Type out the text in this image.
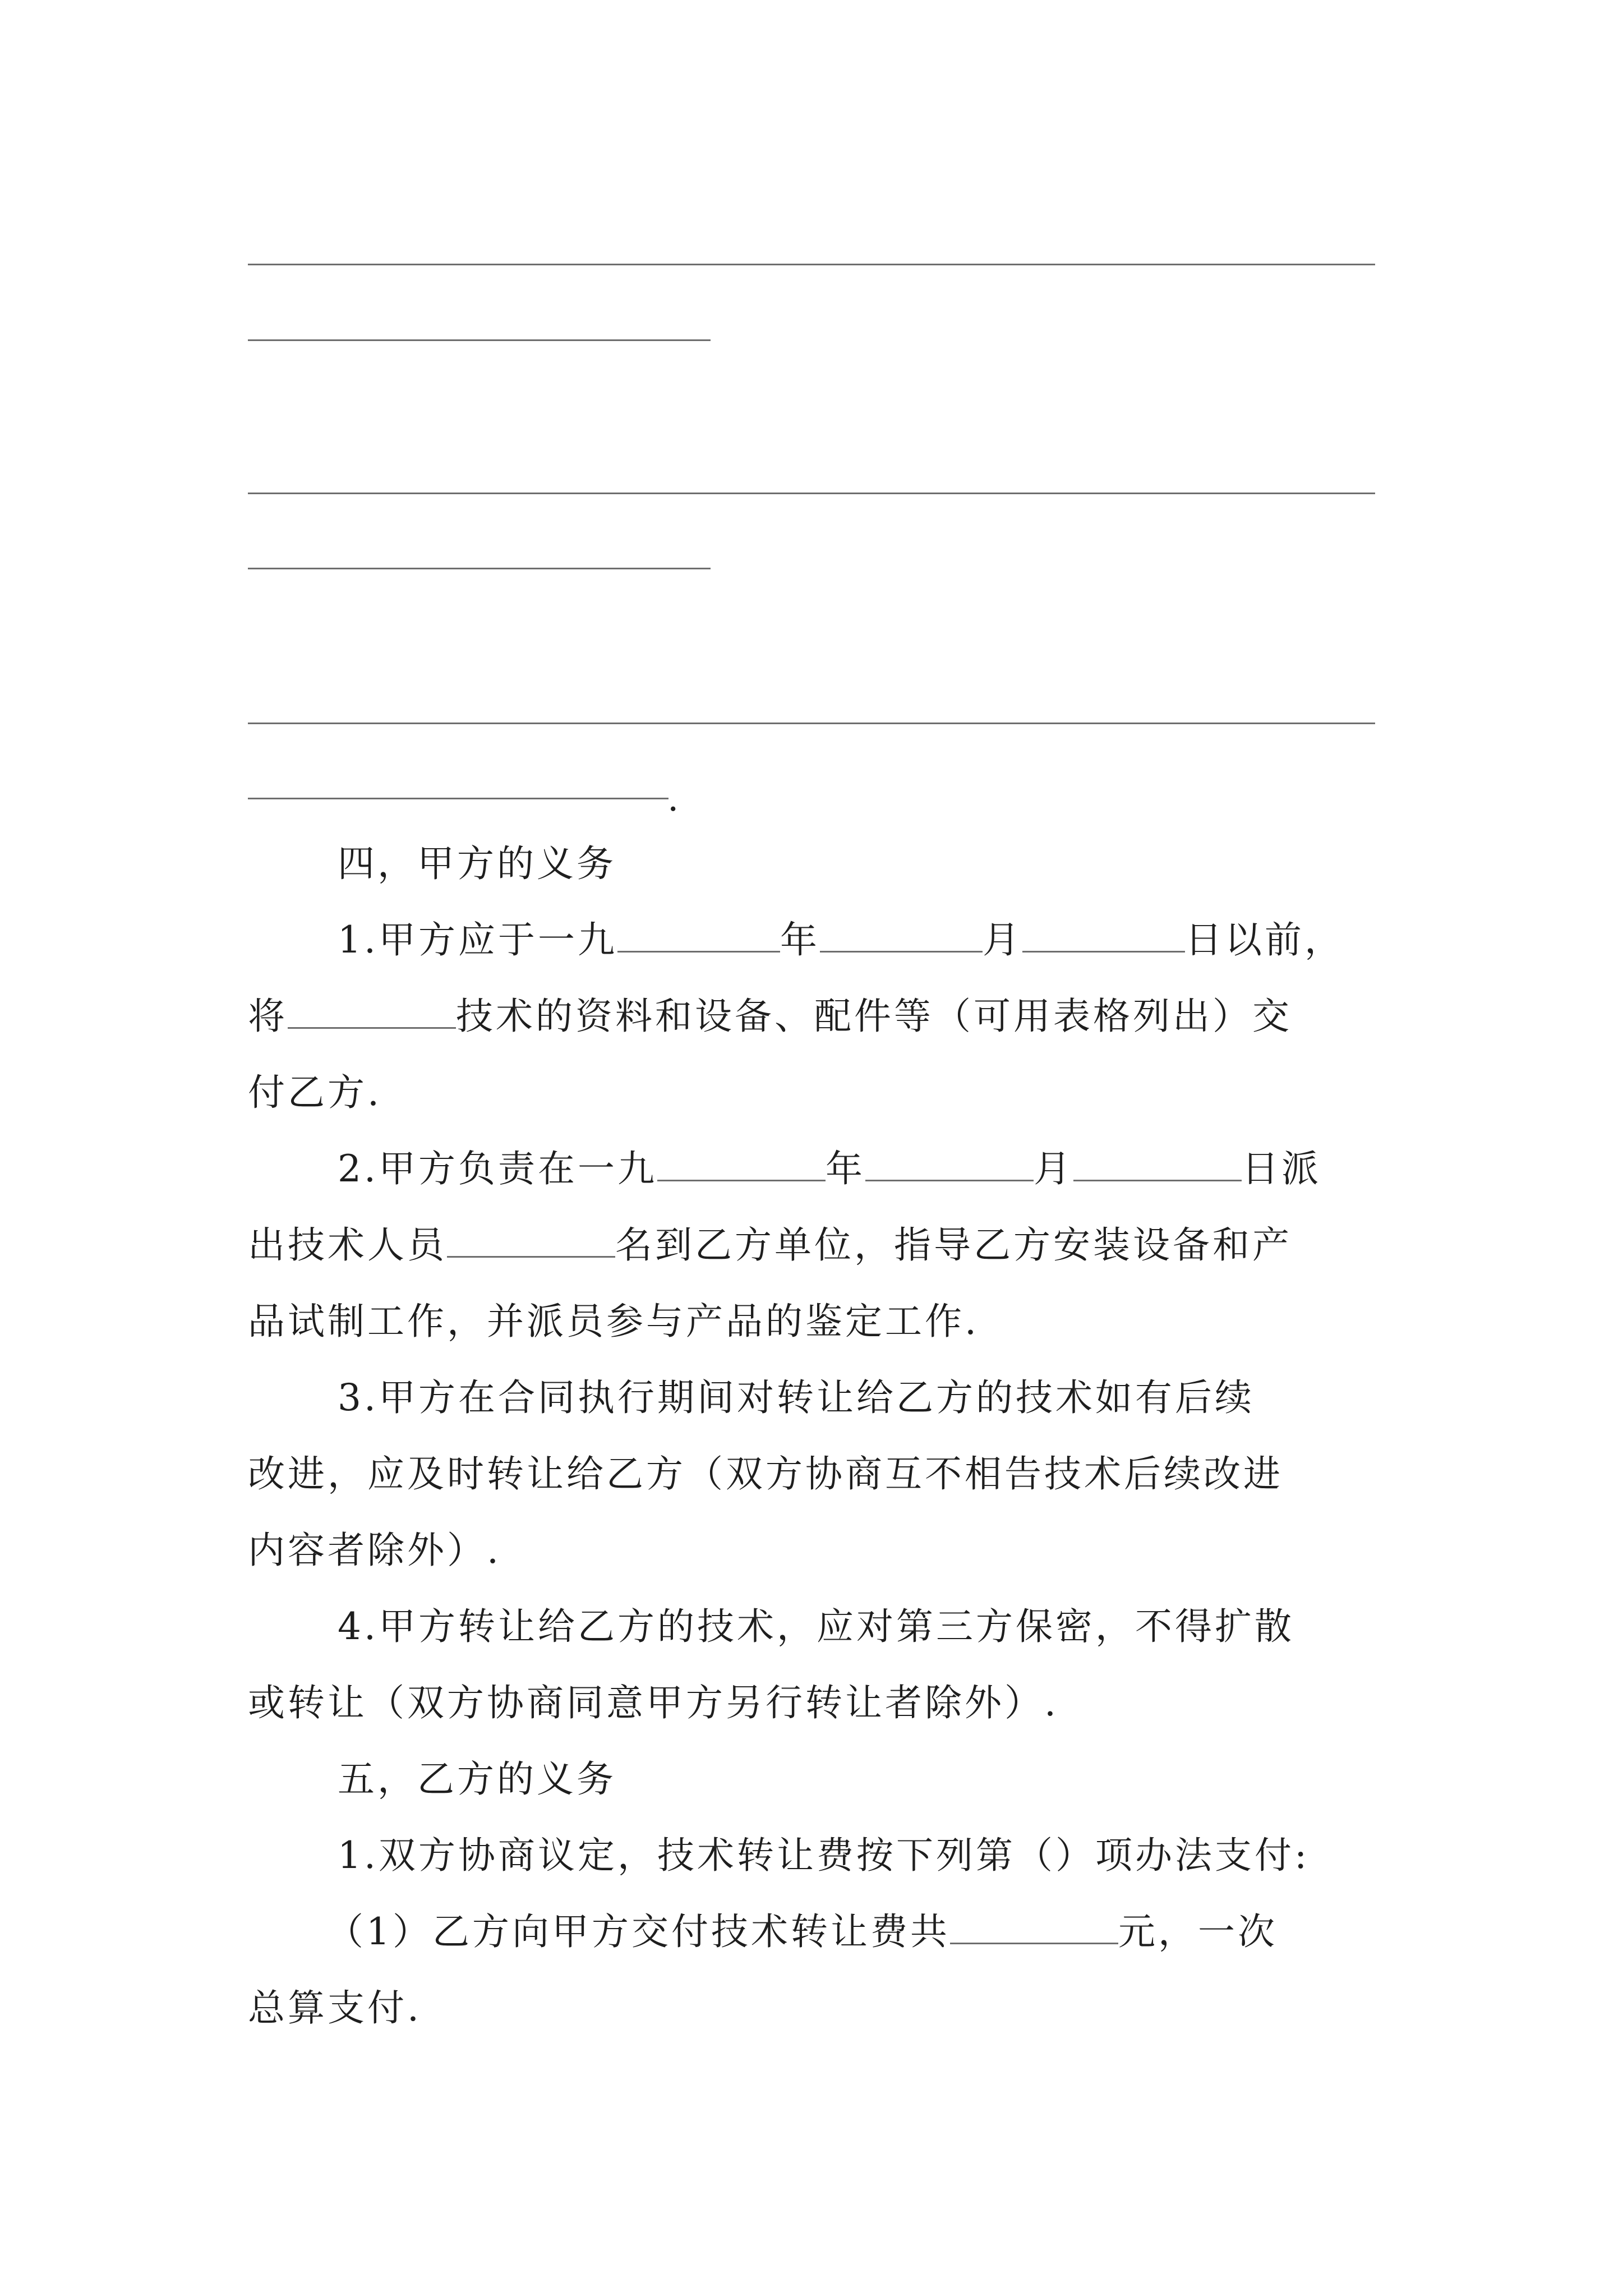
.
四，甲方的义务
1.甲方应于一九	年	月	日以前，
将	技术的资料和设备、配件等（可用表格列出）交
付乙方.
2.甲方负责在一九	年	月	日派
出技术人员	名到乙方单位，指导乙方安装设备和产
品试制工作，并派员参与产品的鉴定工作.
3.甲方在合同执行期间对转让给乙方的技术如有后续
改进，应及时转让给乙方（双方协商互不相告技术后续改进
内容者除外）.
4.甲方转让给乙方的技术，应对第三方保密，不得扩散
或转让（双方协商同意甲方另行转让者除外）.
五，乙方的义务
1.双方协商议定，技术转让费按下列第（）项办法支付:
（1）乙方向甲方交付技术转让费共	元，一次
总算支付.
